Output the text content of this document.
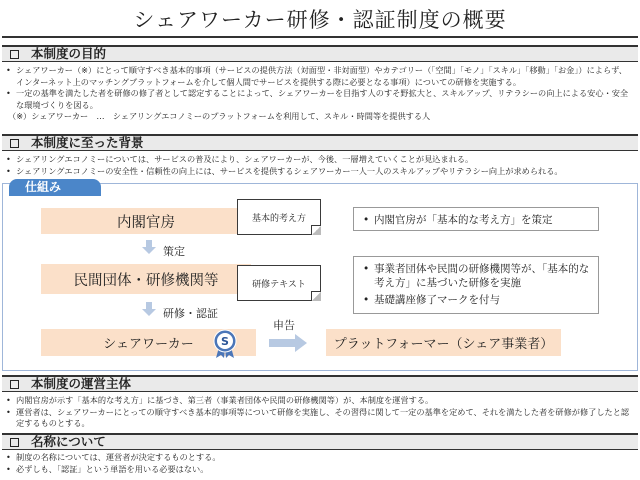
シェアワーカー研修・認証制度の概要
本制度の目的
• シェアワーカー（※）にとって順守すべき基本的事項（サービスの提供方法（対面型・非対面型）やカテゴリー（「空間」「モノ」「スキル」「移動」「お金」）によらず、インターネット上のマッチングプラットフォームを介して個人間でサービスを提供する際に必要となる事項）についての研修を実施する。
• 一定の基準を満たした者を研修の修了者として認定することによって、シェアワーカーを目指す人のすそ野拡大と、スキルアップ、リテラシーの向上による安心・安全な環境づくりを図る。
（※）シェアワーカー　…　シェアリングエコノミーのプラットフォームを利用して、スキル・時間等を提供する人
本制度に至った背景
• シェアリングエコノミーについては、サービスの普及により、シェアワーカーが、今後、一層増えていくことが見込まれる。
• シェアリングエコノミーの安全性・信頼性の向上には、サービスを提供するシェアワーカー一人一人のスキルアップやリテラシー向上が求められる。
仕組み
内閣官房	基本的考え方
•	内閣官房が「基本的な考え方」を策定
策定
民間団体・研修機関等	研修テキスト
• 事業者団体や民間の研修機関等が、「基本的な考え方」に基づいた研修を実施
• 基礎講座修了マークを付与
研修・認証
シェアワーカー S
申告
プラットフォーマー（シェア事業者）
本制度の運営主体
• 内閣官房が示す「基本的な考え方」に基づき、第三者（事業者団体や民間の研修機関等）が、本制度を運営する。
• 運営者は、シェアワーカーにとっての順守すべき基本的事項等について研修を実施し、その習得に関して一定の基準を定めて、それを満たした者を研修が修了したと認定するものとする。
名称について
• 制度の名称については、運営者が決定するものとする。
• 必ずしも、「認証」という単語を用いる必要はない。
